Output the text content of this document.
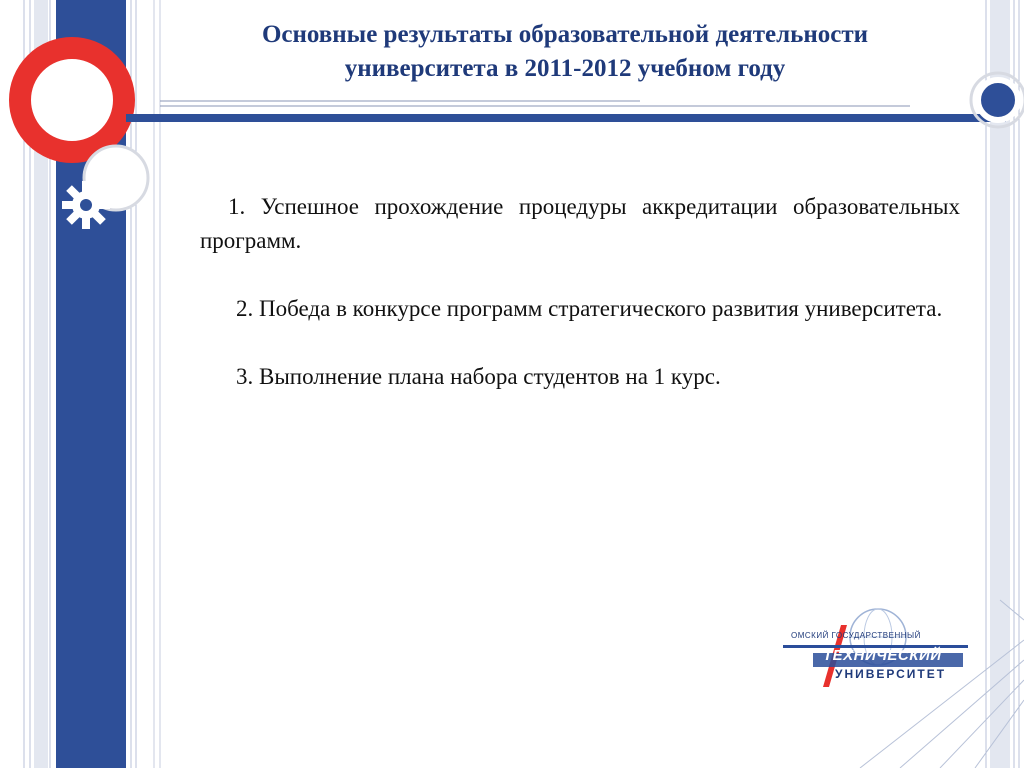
Основные результаты образовательной деятельности
университета в 2011-2012 учебном году

1. Успешное прохождение процедуры аккредитации образовательных программ.

2. Победа в конкурсе программ стратегического развития университета.

3. Выполнение плана набора студентов на 1 курс.

ОМСКИЙ ГОСУДАРСТВЕННЫЙ
ТЕХНИЧЕСКИЙ
УНИВЕРСИТЕТ
